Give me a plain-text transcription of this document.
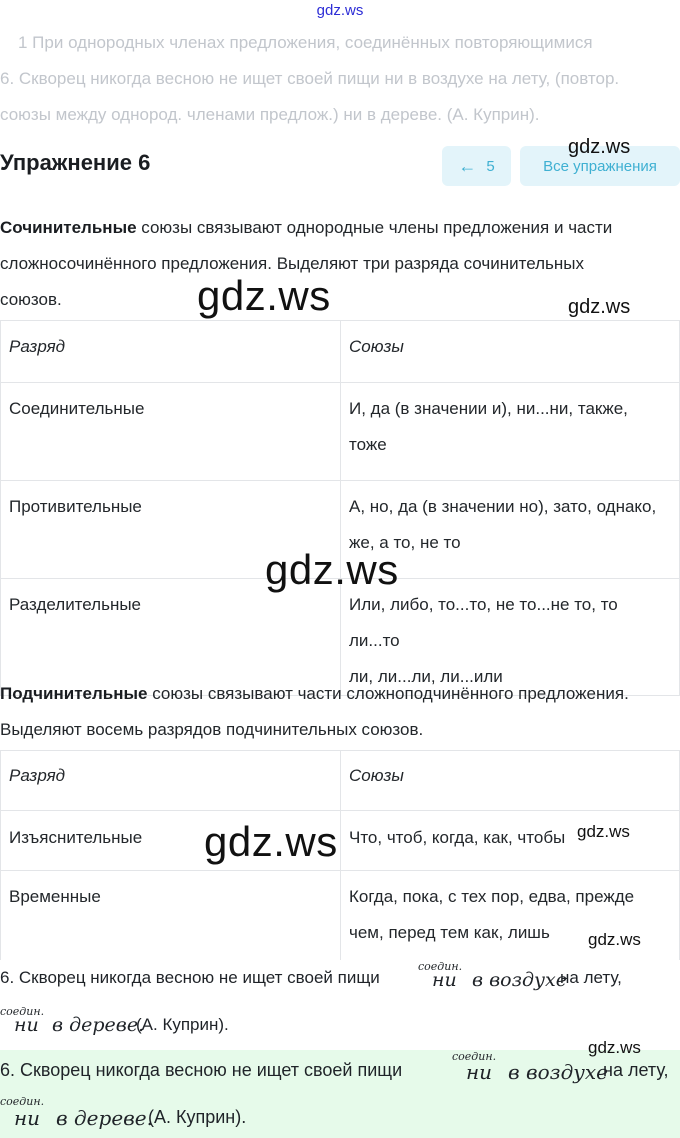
gdz.ws

1 При однородных членах предложения, соединённых повторяющимися

6. Скворец никогда весною не ищет своей пищи ни в воздухе на лету, (повтор.

союзы между однород. членами предлож.) ни в дереве. (А. Куприн).

Упражнение 6	← 5	Все упражнения
gdz.ws
Сочинительные союзы связывают однородные члены предложения и части
сложносочинённого предложения. Выделяют три разряда сочинительных
союзов.	gdz.ws	gdz.ws
Разряд	Союзы
Соединительные	И, да (в значении и), ни...ни, также,
тоже

Противительные	А, но, да (в значении но), зато, однако,
же, а то, не то

Разделительные	Или, либо, то...то, не то...не то, то ли...то
ли, ли...ли, ли...или
gdz.ws
Подчинительные союзы связывают части сложноподчинённого предложения.
Выделяют восемь разрядов подчинительных союзов.
Разряд	Союзы
Изъяснительные	Что, чтоб, когда, как, чтобы
Временные	Когда, пока, с тех пор, едва, прежде
чем, перед тем как, лишь
gdz.ws	gdz.ws
gdz.ws
6. Скворец никогда весною не ищет своей пищи
соедин.
ни в воздухе
на лету,
соедин.
ни в дереве.
(А. Куприн).
6. Скворец никогда весною не ищет своей пищи
соедин.
ни в воздухе
на лету,
соедин.
ни в дереве.
(А. Куприн).
gdz.ws
